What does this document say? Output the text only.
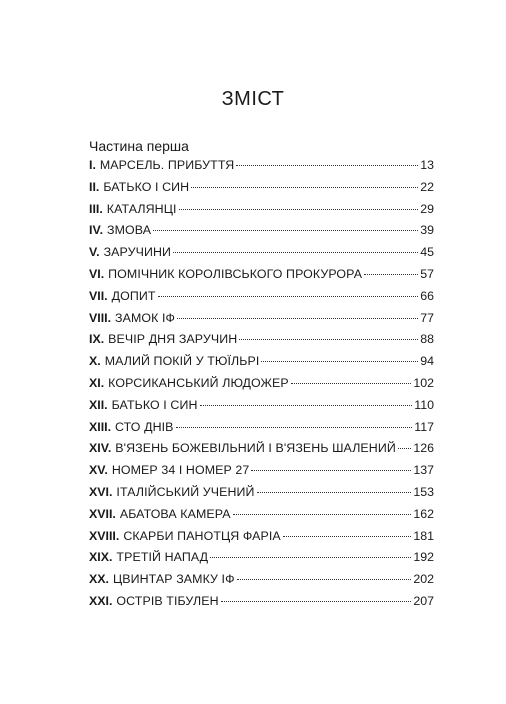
ЗМІСТ
Частина перша
I. МАРСЕЛЬ. ПРИБУТТЯ	13
II. БАТЬКО І СИН	22
III. КАТАЛЯНЦІ	29
IV. ЗМОВА	39
V. ЗАРУЧИНИ	45
VI. ПОМІЧНИК КОРОЛІВСЬКОГО ПРОКУРОРА	57
VII. ДОПИТ	66
VIII. ЗАМОК ІФ	77
IX. ВЕЧІР ДНЯ ЗАРУЧИН	88
X. МАЛИЙ ПОКІЙ У ТЮЇЛЬРІ	94
XI. КОРСИКАНСЬКИЙ ЛЮДОЖЕР	102
XII. БАТЬКО І СИН	110
XIII. СТО ДНІВ	117
XIV. В'ЯЗЕНЬ БОЖЕВІЛЬНИЙ І В'ЯЗЕНЬ ШАЛЕНИЙ 126
XV. НОМЕР 34 І НОМЕР 27	137
XVI. ІТАЛІЙСЬКИЙ УЧЕНИЙ	153
XVII. АБАТОВА КАМЕРА	162
XVIII. СКАРБИ ПАНОТЦЯ ФАРІА	181
XIX. ТРЕТІЙ НАПАД	192
XX. ЦВИНТАР ЗАМКУ ІФ	202
XXI. ОСТРІВ ТІБУЛЕН	207
